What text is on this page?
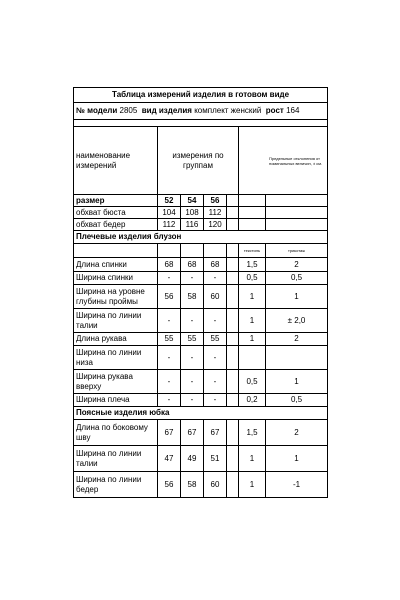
Таблица измерений изделия в готовом виде						
№ модели 2805 вид изделия комплект женский рост 164						

наименование измерений	измерения по группам				Предельные отклонения от номинальных величин, ± см.	

размер	52	54	56			
обхват бюста	104	108	112			
обхват бедер	112	116	120			
Плечевые изделия блузон						
					текстиль	трикотаж
Длина спинки	68	68	68		1,5	2
Ширина спинки	-	-	-		0,5	0,5
Ширина на уровне глубины проймы	56	58	60		1	1
Ширина по линии талии	-	-	-		1	± 2,0
Длина рукава	55	55	55		1	2
Ширина по линии низа	-	-	-			
Ширина рукава вверху	-	-	-		0,5	1
Ширина плеча	-	-	-		0,2	0,5
Поясные изделия юбка						
Длина по боковому шву	67	67	67		1,5	2
Ширина по линии талии	47	49	51		1	1
Ширина по линии бедер	56	58	60		1	-1
